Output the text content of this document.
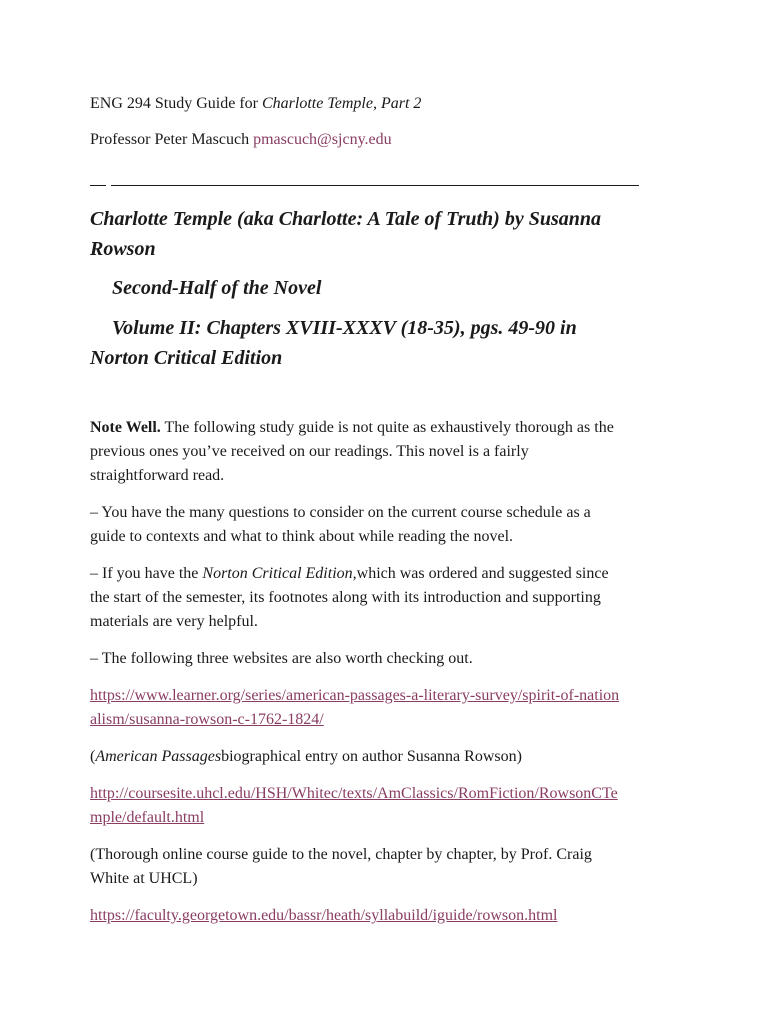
ENG 294 Study Guide for Charlotte Temple, Part 2
Professor Peter Mascuch pmascuch@sjcny.edu
Charlotte Temple (aka Charlotte: A Tale of Truth) by Susanna
Rowson
Second-Half of the Novel
Volume II: Chapters XVIII-XXXV (18-35), pgs. 49-90 in
Norton Critical Edition
Note Well. The following study guide is not quite as exhaustively thorough as the
previous ones you’ve received on our readings. This novel is a fairly
straightforward read.
– You have the many questions to consider on the current course schedule as a
guide to contexts and what to think about while reading the novel.
– If you have the Norton Critical Edition,which was ordered and suggested since
the start of the semester, its footnotes along with its introduction and supporting
materials are very helpful.
– The following three websites are also worth checking out.
https://www.learner.org/series/american-passages-a-literary-survey/spirit-of-nation
alism/susanna-rowson-c-1762-1824/
(American Passagesbiographical entry on author Susanna Rowson)
http://coursesite.uhcl.edu/HSH/Whitec/texts/AmClassics/RomFiction/RowsonCTe
mple/default.html
(Thorough online course guide to the novel, chapter by chapter, by Prof. Craig
White at UHCL)
https://faculty.georgetown.edu/bassr/heath/syllabuild/iguide/rowson.html
